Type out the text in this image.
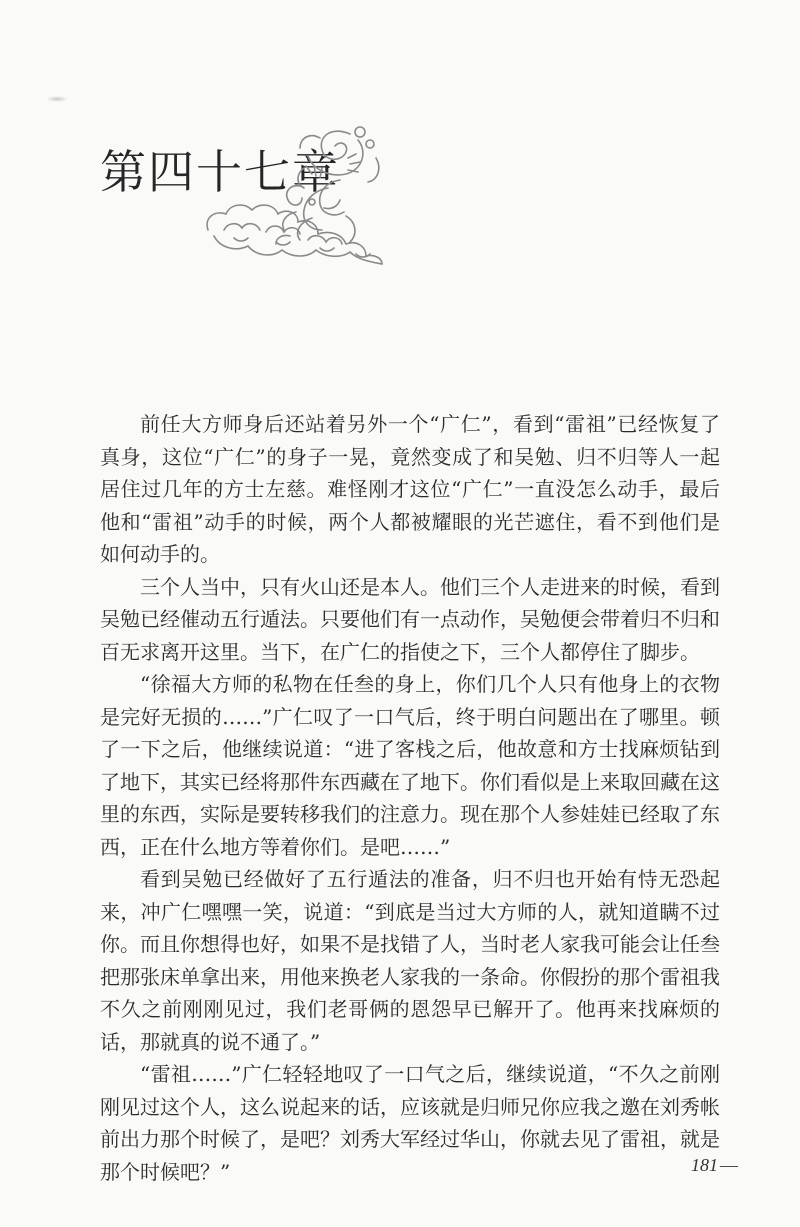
第四十七章

前任大方师身后还站着另外一个“广仁”，看到“雷祖”已经恢复了真身，这位“广仁”的身子一晃，竟然变成了和吴勉、归不归等人一起居住过几年的方士左慈。难怪刚才这位“广仁”一直没怎么动手，最后他和“雷祖”动手的时候，两个人都被耀眼的光芒遮住，看不到他们是如何动手的。

三个人当中，只有火山还是本人。他们三个人走进来的时候，看到吴勉已经催动五行遁法。只要他们有一点动作，吴勉便会带着归不归和百无求离开这里。当下，在广仁的指使之下，三个人都停住了脚步。

“徐福大方师的私物在任叁的身上，你们几个人只有他身上的衣物是完好无损的……”广仁叹了一口气后，终于明白问题出在了哪里。顿了一下之后，他继续说道：“进了客栈之后，他故意和方士找麻烦钻到了地下，其实已经将那件东西藏在了地下。你们看似是上来取回藏在这里的东西，实际是要转移我们的注意力。现在那个人参娃娃已经取了东西，正在什么地方等着你们。是吧……”

看到吴勉已经做好了五行遁法的准备，归不归也开始有恃无恐起来，冲广仁嘿嘿一笑，说道：“到底是当过大方师的人，就知道瞒不过你。而且你想得也好，如果不是找错了人，当时老人家我可能会让任叁把那张床单拿出来，用他来换老人家我的一条命。你假扮的那个雷祖我不久之前刚刚见过，我们老哥俩的恩怨早已解开了。他再来找麻烦的话，那就真的说不通了。”

“雷祖……”广仁轻轻地叹了一口气之后，继续说道，“不久之前刚刚见过这个人，这么说起来的话，应该就是归师兄你应我之邀在刘秀帐前出力那个时候了，是吧？刘秀大军经过华山，你就去见了雷祖，就是那个时候吧？”	181 —
